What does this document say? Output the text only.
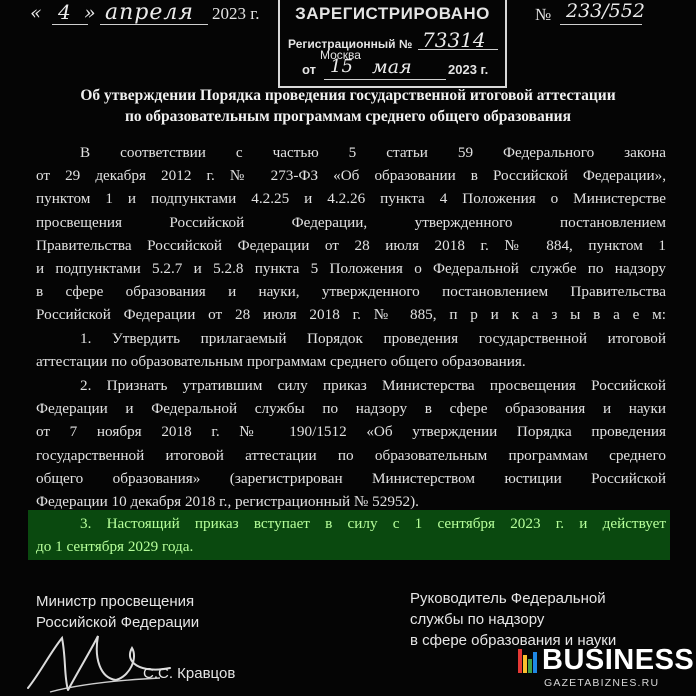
« 4 » апреля 2023 г.	№ 233/552
ЗАРЕГИСТРИРОВАНО
Регистрационный № 73314
Москва
от 15 мая	2023 г.
Об утверждении Порядка проведения государственной итоговой аттестации
по образовательным программам среднего общего образования
В соответствии с частью 5 статьи 59 Федерального закона
от 29 декабря 2012 г. № 273-ФЗ «Об образовании в Российской Федерации»,
пунктом 1 и подпунктами 4.2.25 и 4.2.26 пункта 4 Положения о Министерстве
просвещения Российской Федерации, утвержденного постановлением
Правительства Российской Федерации от 28 июля 2018 г. № 884, пунктом 1
и подпунктами 5.2.7 и 5.2.8 пункта 5 Положения о Федеральной службе по надзору
в сфере образования и науки, утвержденного постановлением Правительства
Российской Федерации от 28 июля 2018 г. № 885, п р и к а з ы в а е м:
1. Утвердить прилагаемый Порядок проведения государственной итоговой
аттестации по образовательным программам среднего общего образования.
2. Признать утратившим силу приказ Министерства просвещения Российской
Федерации и Федеральной службы по надзору в сфере образования и науки
от 7 ноября 2018 г. № 190/1512 «Об утверждении Порядка проведения
государственной итоговой аттестации по образовательным программам среднего
общего образования» (зарегистрирован Министерством юстиции Российской
Федерации 10 декабря 2018 г., регистрационный № 52952).
3. Настоящий приказ вступает в силу с 1 сентября 2023 г. и действует
до 1 сентября 2029 года.
Министр просвещения
Российской Федерации
С.С. Кравцов
Руководитель Федеральной
службы по надзору
в сфере образования и науки
BUSINESS
GAZETABIZNES.RU
